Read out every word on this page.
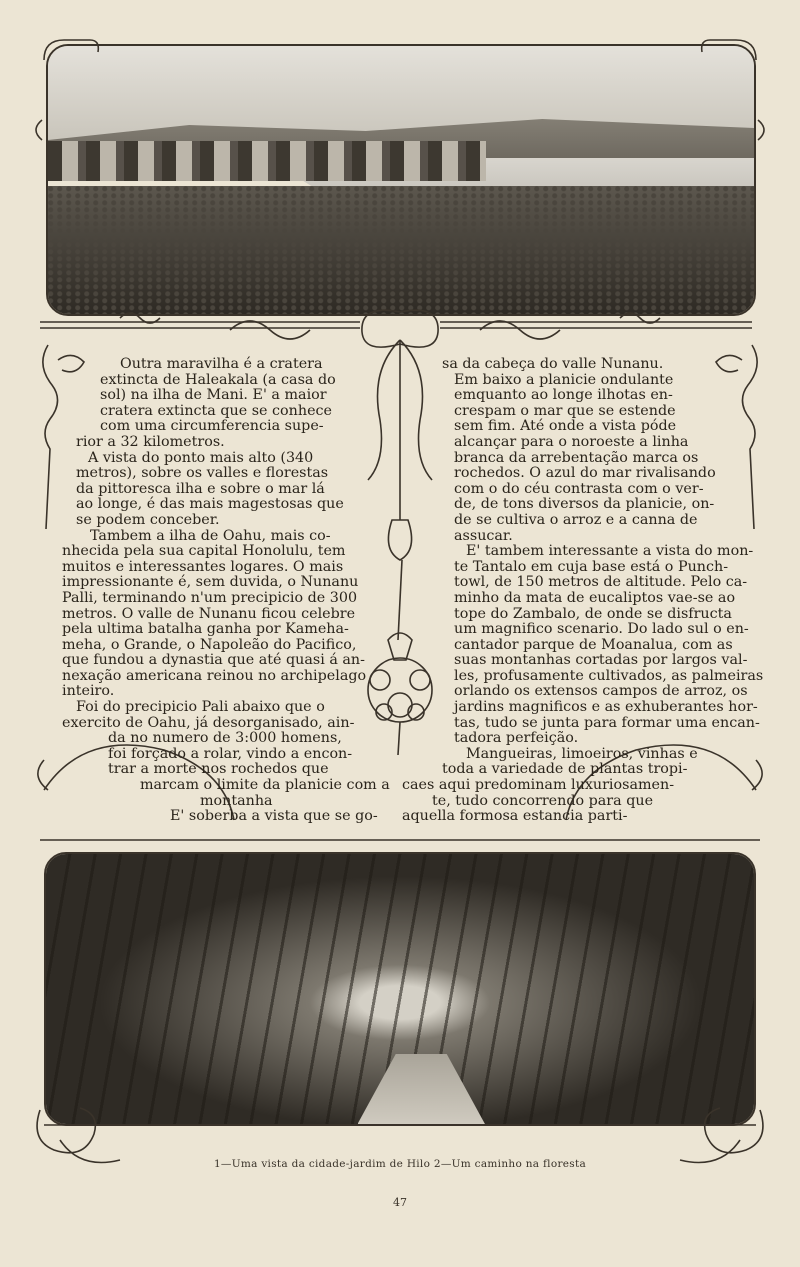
Outra maravilha é a cratera
extincta de Haleakala (a casa do
sol) na ilha de Mani. E' a maior
cratera extincta que se conhece
com uma circumferencia supe-
rior a 32 kilometros.
A vista do ponto mais alto (340
metros), sobre os valles e florestas
da pittoresca ilha e sobre o mar lá
ao longe, é das mais magestosas que
se podem conceber.
Tambem a ilha de Oahu, mais co-
nhecida pela sua capital Honolulu, tem
muitos e interessantes logares. O mais
impressionante é, sem duvida, o Nunanu
Palli, terminando n'um precipicio de 300
metros. O valle de Nunanu ficou celebre
pela ultima batalha ganha por Kameha-
meha, o Grande, o Napoleão do Pacifico,
que fundou a dynastia que até quasi á an-
nexação americana reinou no archipelago
inteiro.
Foi do precipicio Pali abaixo que o
exercito de Oahu, já desorganisado, ain-
da no numero de 3:000 homens,
foi forçado a rolar, vindo a encon-
trar a morte nos rochedos que
marcam o limite da planicie com a
montanha
E' soberba a vista que se go-
sa da cabeça do valle Nunanu.
Em baixo a planicie ondulante
emquanto ao longe ilhotas en-
crespam o mar que se estende
sem fim. Até onde a vista póde
alcançar para o noroeste a linha
branca da arrebentação marca os
rochedos. O azul do mar rivalisando
com o do céu contrasta com o ver-
de, de tons diversos da planicie, on-
de se cultiva o arroz e a canna de
assucar.
E' tambem interessante a vista do mon-
te Tantalo em cuja base está o Punch-
towl, de 150 metros de altitude. Pelo ca-
minho da mata de eucaliptos vae-se ao
tope do Zambalo, de onde se disfructa
um magnifico scenario. Do lado sul o en-
cantador parque de Moanalua, com as
suas montanhas cortadas por largos val-
les, profusamente cultivados, as palmeiras
orlando os extensos campos de arroz, os
jardins magnificos e as exhuberantes hor-
tas, tudo se junta para formar uma encan-
tadora perfeição.
Mangueiras, limoeiros, vinhas e
toda a variedade de plantas tropi-
caes aqui predominam luxuriosamen-
te, tudo concorrendo para que
aquella formosa estancia parti-
1—Uma vista da cidade-jardim de Hilo 2—Um caminho na floresta
47
